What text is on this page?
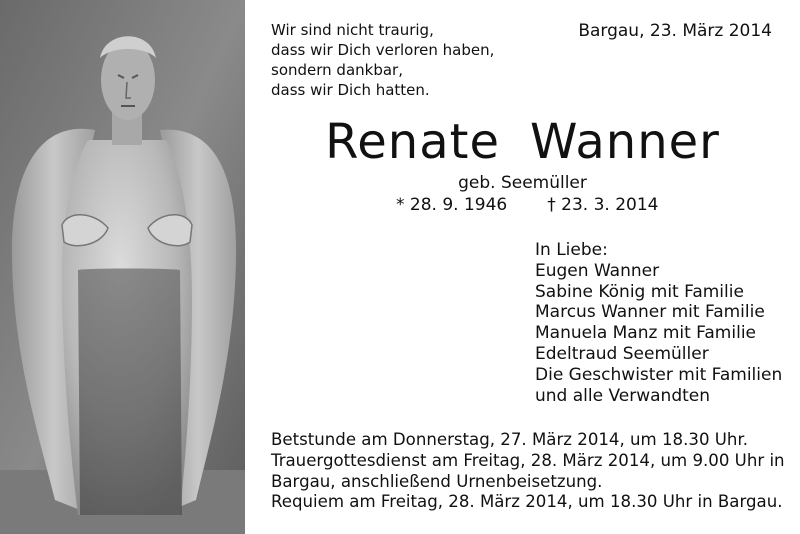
Wir sind nicht traurig,
dass wir Dich verloren haben,
sondern dankbar,
dass wir Dich hatten.
Bargau, 23. März 2014
Renate Wanner
geb. Seemüller
* 28. 9. 1946 † 23. 3. 2014
In Liebe:
Eugen Wanner
Sabine König mit Familie
Marcus Wanner mit Familie
Manuela Manz mit Familie
Edeltraud Seemüller
Die Geschwister mit Familien
und alle Verwandten
Betstunde am Donnerstag, 27. März 2014, um 18.30 Uhr.
Trauergottesdienst am Freitag, 28. März 2014, um 9.00 Uhr in
Bargau, anschließend Urnenbeisetzung.
Requiem am Freitag, 28. März 2014, um 18.30 Uhr in Bargau.
